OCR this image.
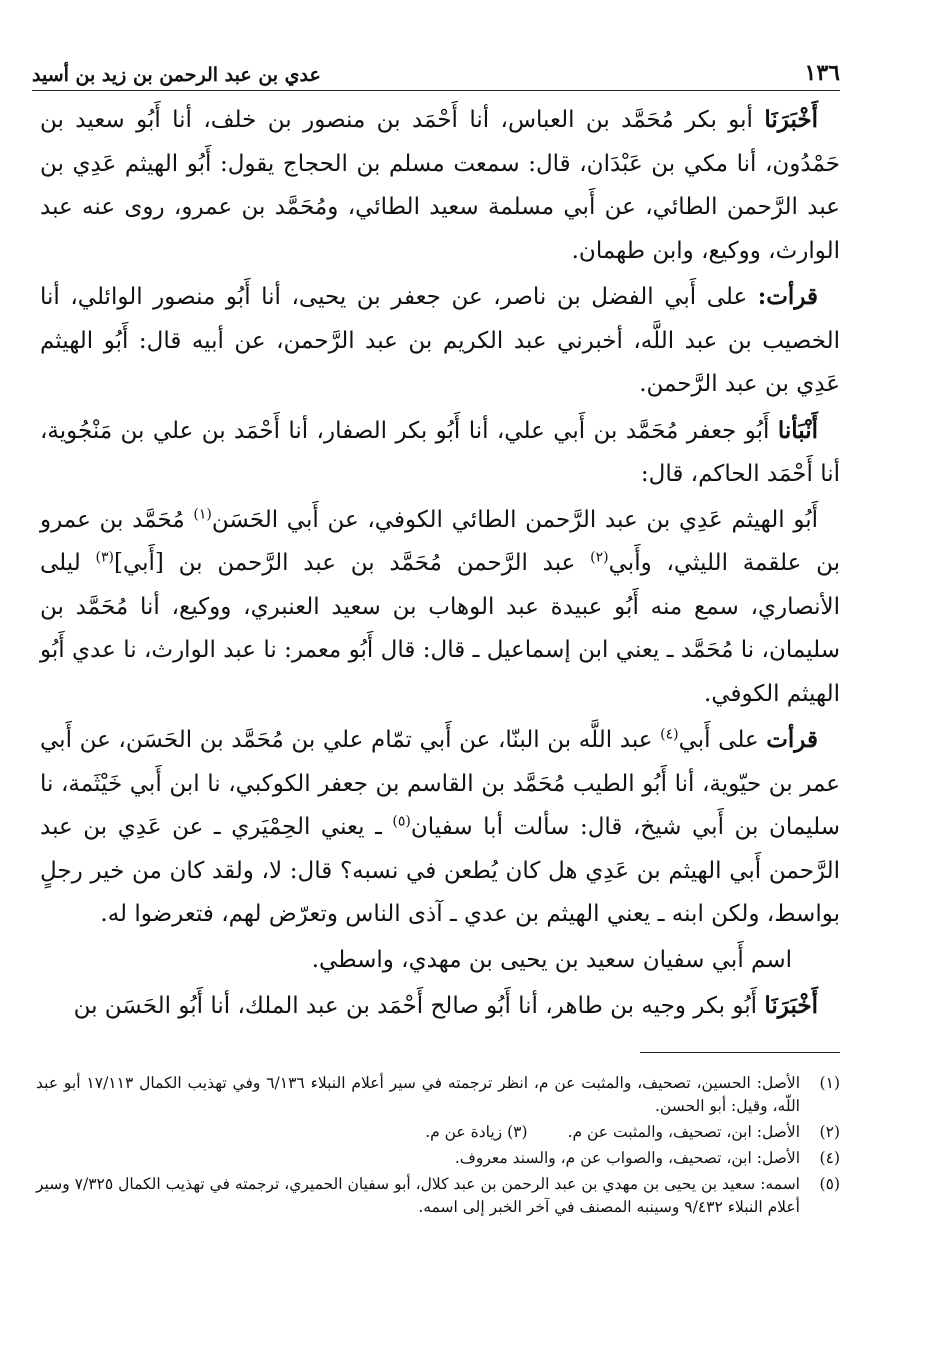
١٣٦
عدي بن عبد الرحمن بن زيد بن أسيد

أَخْبَرَنَا أبو بكر مُحَمَّد بن العباس، أنا أَحْمَد بن منصور بن خلف، أنا أَبُو سعيد بن حَمْدُون، أنا مكي بن عَبْدَان، قال: سمعت مسلم بن الحجاج يقول: أَبُو الهيثم عَدِي بن عبد الرَّحمن الطائي، عن أَبي مسلمة سعيد الطائي، ومُحَمَّد بن عمرو، روى عنه عبد الوارث، ووكيع، وابن طهمان.

قرأت: على أَبي الفضل بن ناصر، عن جعفر بن يحيى، أنا أَبُو منصور الوائلي، أنا الخصيب بن عبد اللَّه، أخبرني عبد الكريم بن عبد الرَّحمن، عن أبيه قال: أَبُو الهيثم عَدِي بن عبد الرَّحمن.

أَنْبَأنا أَبُو جعفر مُحَمَّد بن أَبي علي، أنا أَبُو بكر الصفار، أنا أَحْمَد بن علي بن مَنْجُوية، أنا أَحْمَد الحاكم، قال:

أَبُو الهيثم عَدِي بن عبد الرَّحمن الطائي الكوفي، عن أَبي الحَسَن$^{(١)}$ مُحَمَّد بن عمرو بن علقمة الليثي، وأَبي$^{(٢)}$ عبد الرَّحمن مُحَمَّد بن عبد الرَّحمن بن [أَبي]$^{(٣)}$ ليلى الأنصاري، سمع منه أَبُو عبيدة عبد الوهاب بن سعيد العنبري، ووكيع، أنا مُحَمَّد بن سليمان، نا مُحَمَّد ـ يعني ابن إسماعيل ـ قال: قال أَبُو معمر: نا عبد الوارث، نا عدي أَبُو الهيثم الكوفي.

قرأت على أَبي$^{(٤)}$ عبد اللَّه بن البنّا، عن أَبي تمّام علي بن مُحَمَّد بن الحَسَن، عن أَبي عمر بن حيّوية، أنا أَبُو الطيب مُحَمَّد بن القاسم بن جعفر الكوكبي، نا ابن أَبي خَيْثَمة، نا سليمان بن أَبي شيخ، قال: سألت أبا سفيان$^{(٥)}$ ـ يعني الحِمْيَري ـ عن عَدِي بن عبد الرَّحمن أَبي الهيثم بن عَدِي هل كان يُطعن في نسبه؟ قال: لا، ولقد كان من خير رجلٍ بواسط، ولكن ابنه ـ يعني الهيثم بن عدي ـ آذى الناس وتعرّض لهم، فتعرضوا له.

اسم أَبي سفيان سعيد بن يحيى بن مهدي، واسطي.

أَخْبَرَنَا أَبُو بكر وجيه بن طاهر، أنا أَبُو صالح أَحْمَد بن عبد الملك، أنا أَبُو الحَسَن بن

(١)
الأصل: الحسين، تصحيف، والمثبت عن م، انظر ترجمته في سير أعلام النبلاء ٦/١٣٦ وفي تهذيب الكمال ١٧/١١٣ أبو عبد اللّه، وقيل: أبو الحسن.
(٢)
الأصل: ابن، تصحيف، والمثبت عن م.
(٣) زيادة عن م.
(٤)
الأصل: ابن، تصحيف، والصواب عن م، والسند معروف.
(٥)
اسمه: سعيد بن يحيى بن مهدي بن عبد الرحمن بن عبد كلال، أبو سفيان الحميري، ترجمته في تهذيب الكمال ٧/٣٢٥ وسير أعلام النبلاء ٩/٤٣٢ وسينبه المصنف في آخر الخبر إلى اسمه.
